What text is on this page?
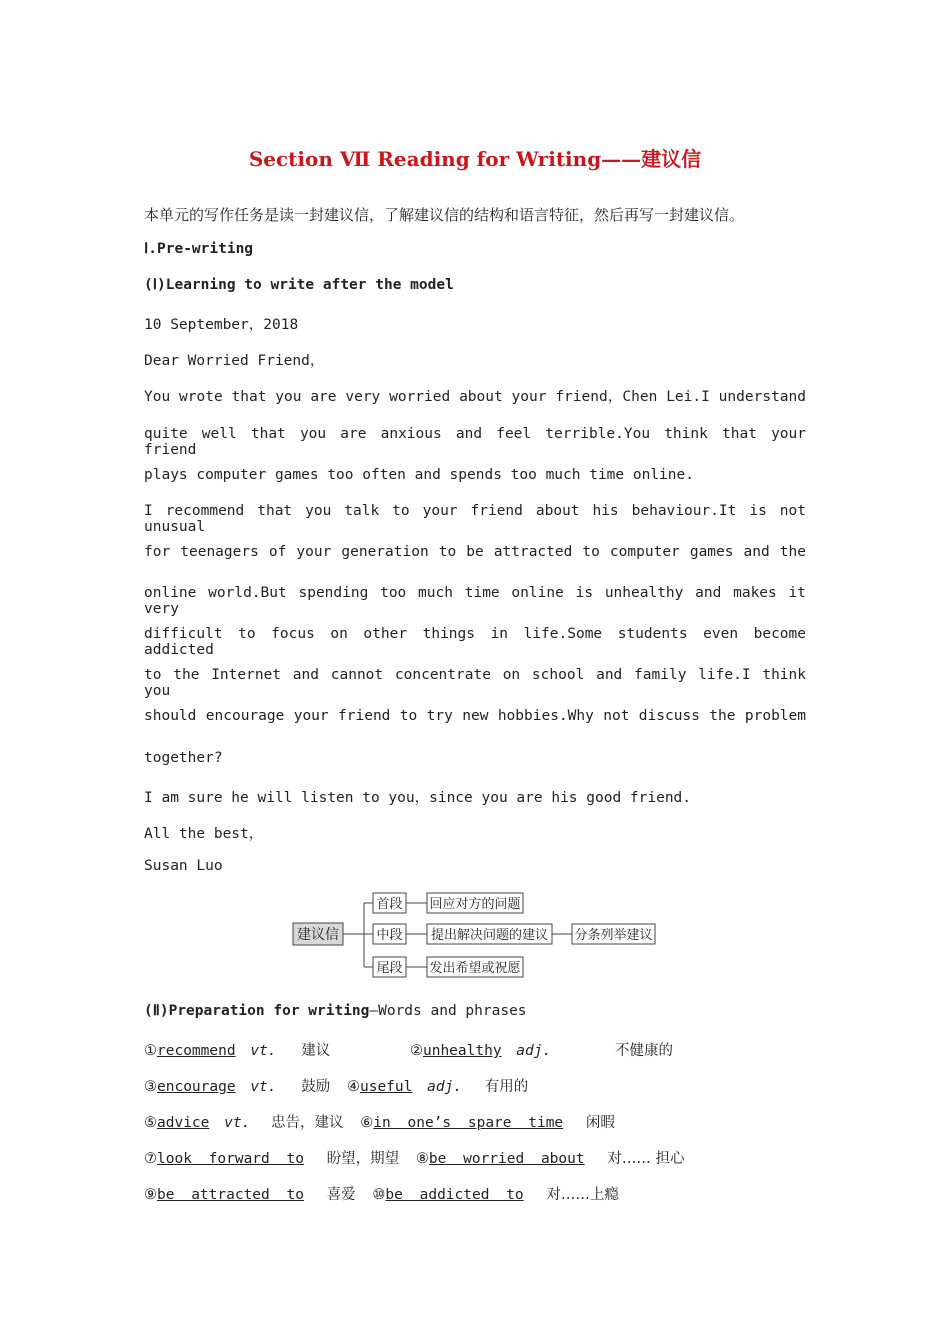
Section Ⅶ Reading for Writing——建议信
本单元的写作任务是读一封建议信，了解建议信的结构和语言特征，然后再写一封建议信。
Ⅰ.Pre-writing
(Ⅰ)Learning to write after the model
10 September，2018
Dear Worried Friend，
You wrote that you are very worried about your friend，Chen Lei.I understand
quite well that you are anxious and feel terrible.You think that your friend
plays computer games too often and spends too much time online.
I recommend that you talk to your friend about his behaviour.It is not unusual
for teenagers of your generation to be attracted to computer games and the
online world.But spending too much time online is unhealthy and makes it very
difficult to focus on other things in life.Some students even become addicted
to the Internet and cannot concentrate on school and family life.I think you
should encourage your friend to try new hobbies.Why not discuss the problem
together?
I am sure he will listen to you，since you are his good friend.
All the best，
Susan Luo
建议信
首段
中段
尾段
回应对方的问题
提出解决问题的建议
发出希望或祝愿
分条列举建议
(Ⅱ)Preparation for writing—Words and phrases
①recommend vt. 建议	②unhealthy adj.	不健康的
③encourage vt. 鼓励 ④useful adj. 有用的
⑤advice vt. 忠告，建议 ⑥in one’s spare time 闲暇
⑦look forward to 盼望，期望 ⑧be worried about 对…… 担心
⑨be attracted to 喜爱 ⑩be addicted to 对……上瘾
